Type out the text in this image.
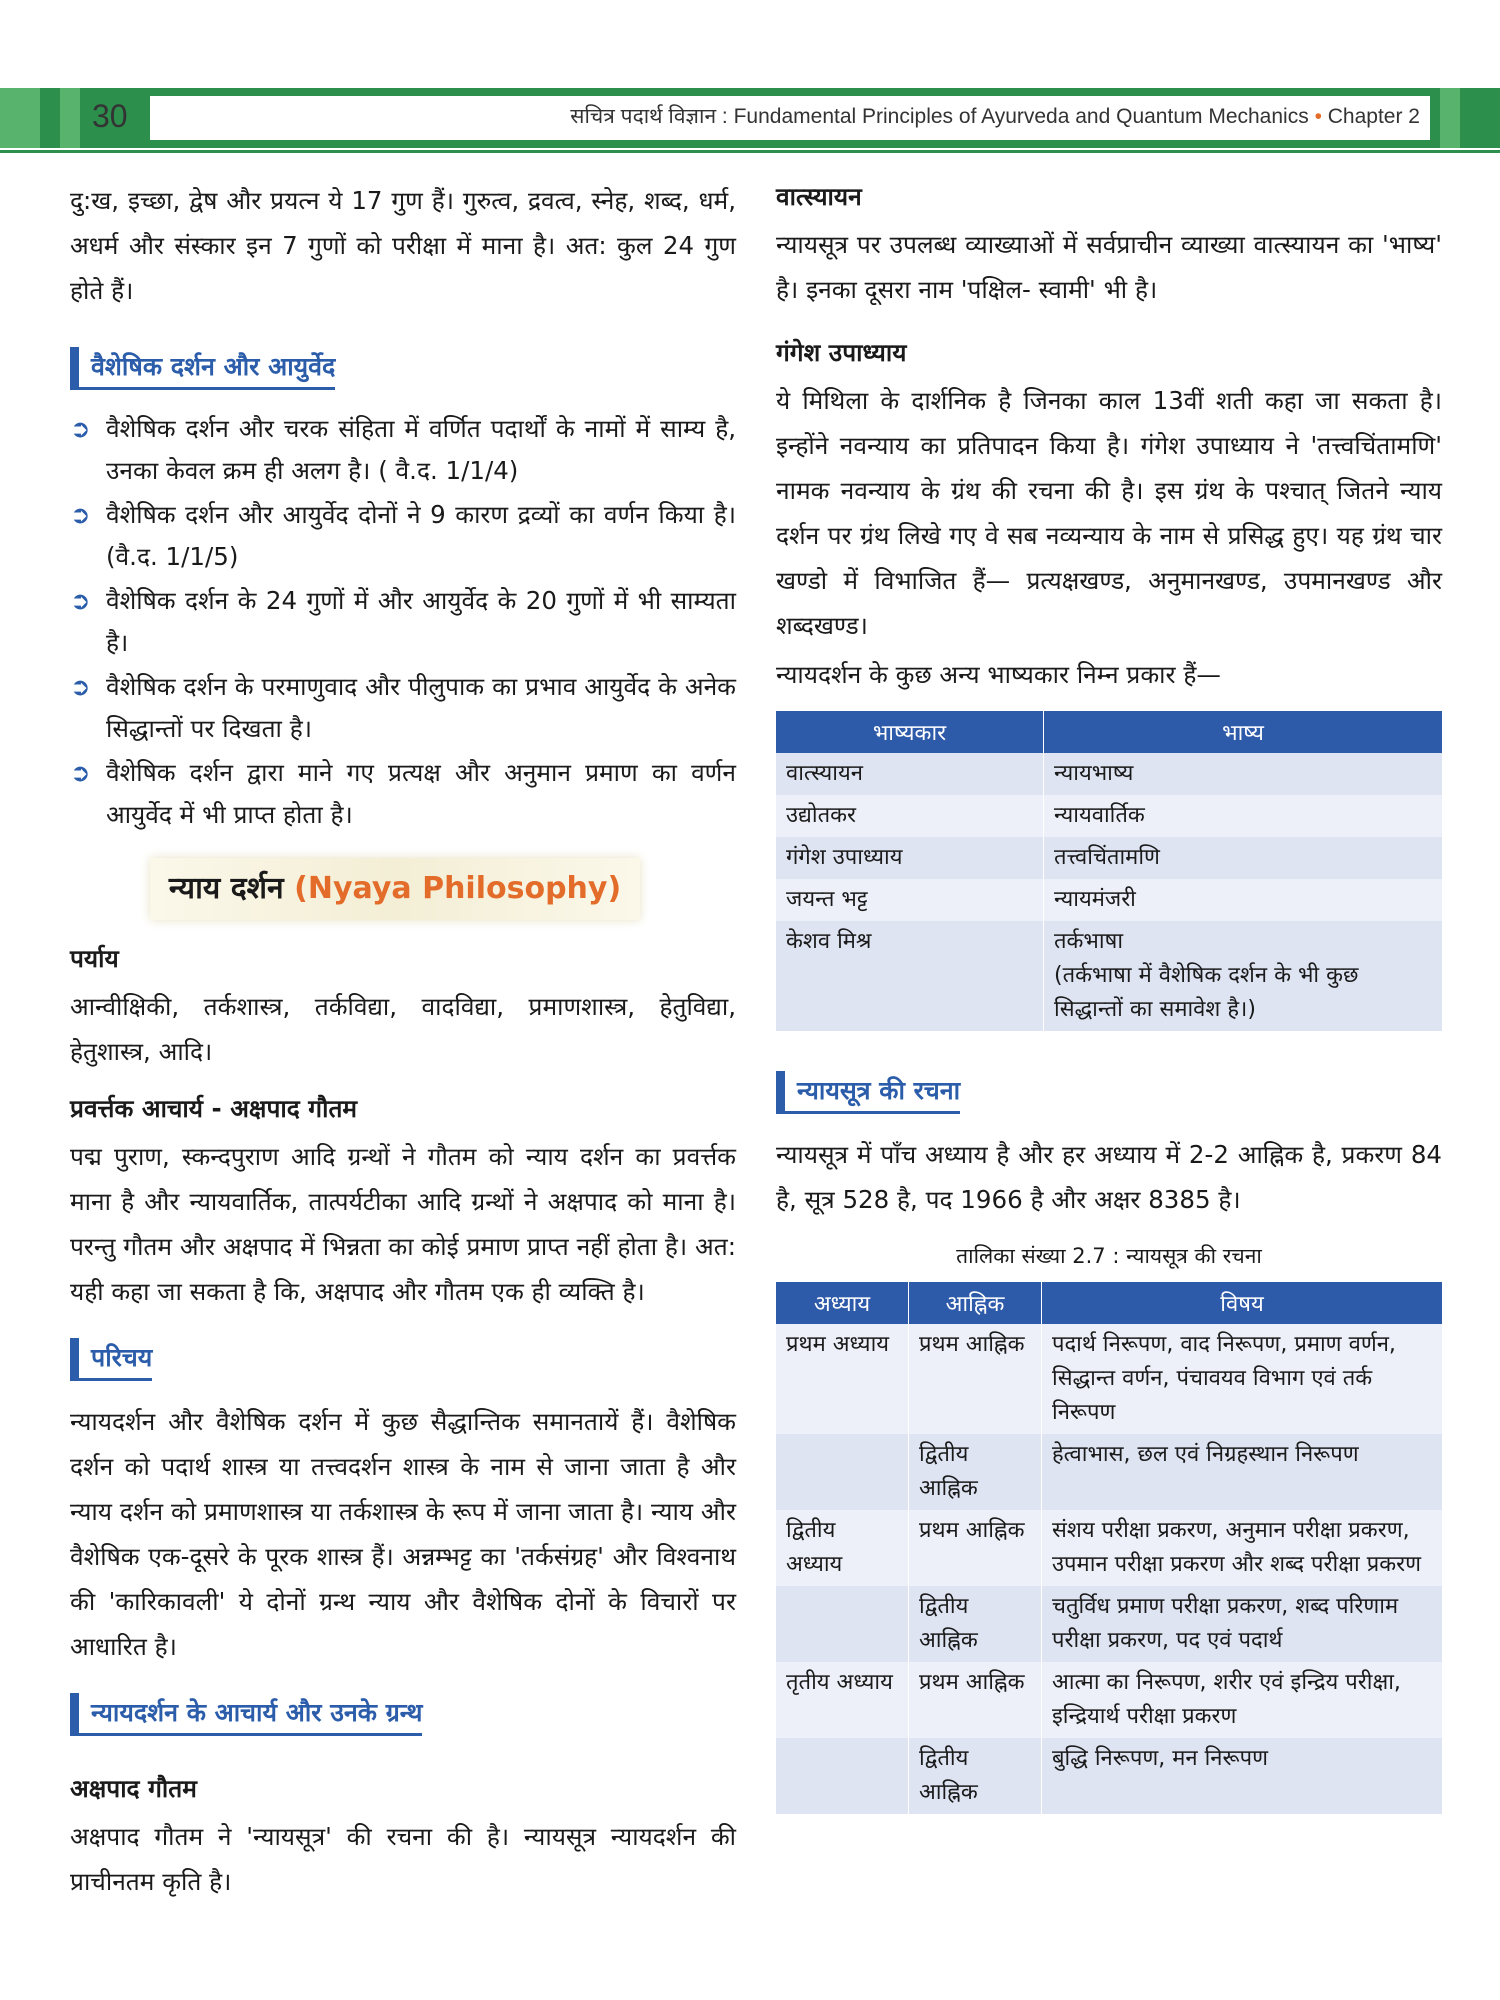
30	सचित्र पदार्थ विज्ञान : Fundamental Principles of Ayurveda and Quantum Mechanics • Chapter 2

दु:ख, इच्छा, द्वेष और प्रयत्न ये 17 गुण हैं। गुरुत्व, द्रवत्व, स्नेह, शब्द, धर्म, अधर्म और संस्कार इन 7 गुणों को परीक्षा में माना है। अत: कुल 24 गुण होते हैं।

वैशेषिक दर्शन और आयुर्वेद
➲ वैशेषिक दर्शन और चरक संहिता में वर्णित पदार्थों के नामों में साम्य है, उनका केवल क्रम ही अलग है। ( वै.द. 1/1/4)
➲ वैशेषिक दर्शन और आयुर्वेद दोनों ने 9 कारण द्रव्यों का वर्णन किया है। (वै.द. 1/1/5)
➲ वैशेषिक दर्शन के 24 गुणों में और आयुर्वेद के 20 गुणों में भी साम्यता है।
➲ वैशेषिक दर्शन के परमाणुवाद और पीलुपाक का प्रभाव आयुर्वेद के अनेक सिद्धान्तों पर दिखता है।
➲ वैशेषिक दर्शन द्वारा माने गए प्रत्यक्ष और अनुमान प्रमाण का वर्णन आयुर्वेद में भी प्राप्त होता है।
न्याय दर्शन (Nyaya Philosophy)
पर्याय

आन्वीक्षिकी, तर्कशास्त्र, तर्कविद्या, वादविद्या, प्रमाणशास्त्र, हेतुविद्या, हेतुशास्त्र, आदि।

प्रवर्त्तक आचार्य - अक्षपाद गौतम

पद्म पुराण, स्कन्दपुराण आदि ग्रन्थों ने गौतम को न्याय दर्शन का प्रवर्त्तक माना है और न्यायवार्तिक, तात्पर्यटीका आदि ग्रन्थों ने अक्षपाद को माना है। परन्तु गौतम और अक्षपाद में भिन्नता का कोई प्रमाण प्राप्त नहीं होता है। अत: यही कहा जा सकता है कि, अक्षपाद और गौतम एक ही व्यक्ति है।

परिचय

न्यायदर्शन और वैशेषिक दर्शन में कुछ सैद्धान्तिक समानतायें हैं। वैशेषिक दर्शन को पदार्थ शास्त्र या तत्त्वदर्शन शास्त्र के नाम से जाना जाता है और न्याय दर्शन को प्रमाणशास्त्र या तर्कशास्त्र के रूप में जाना जाता है। न्याय और वैशेषिक एक-दूसरे के पूरक शास्त्र हैं। अन्नम्भट्ट का 'तर्कसंग्रह' और विश्वनाथ की 'कारिकावली' ये दोनों ग्रन्थ न्याय और वैशेषिक दोनों के विचारों पर आधारित है।

न्यायदर्शन के आचार्य और उनके ग्रन्थ
अक्षपाद गौतम

अक्षपाद गौतम ने 'न्यायसूत्र' की रचना की है। न्यायसूत्र न्यायदर्शन की प्राचीनतम कृति है।

वात्स्यायन

न्यायसूत्र पर उपलब्ध व्याख्याओं में सर्वप्राचीन व्याख्या वात्स्यायन का 'भाष्य' है। इनका दूसरा नाम 'पक्षिल- स्वामी' भी है।

गंगेश उपाध्याय

ये मिथिला के दार्शनिक है जिनका काल 13वीं शती कहा जा सकता है। इन्होंने नवन्याय का प्रतिपादन किया है। गंगेश उपाध्याय ने 'तत्त्वचिंतामणि' नामक नवन्याय के ग्रंथ की रचना की है। इस ग्रंथ के पश्चात् जितने न्याय दर्शन पर ग्रंथ लिखे गए वे सब नव्यन्याय के नाम से प्रसिद्ध हुए। यह ग्रंथ चार खण्डो में विभाजित हैं— प्रत्यक्षखण्ड, अनुमानखण्ड, उपमानखण्ड और शब्दखण्ड।

न्यायदर्शन के कुछ अन्य भाष्यकार निम्न प्रकार हैं—

भाष्यकार	भाष्य
वात्स्यायन	न्यायभाष्य
उद्योतकर	न्यायवार्तिक
गंगेश उपाध्याय	तत्त्वचिंतामणि
जयन्त भट्ट	न्यायमंजरी
केशव मिश्र	तर्कभाषा
(तर्कभाषा में वैशेषिक दर्शन के भी कुछ सिद्धान्तों का समावेश है।)
न्यायसूत्र की रचना

न्यायसूत्र में पाँच अध्याय है और हर अध्याय में 2-2 आह्निक है, प्रकरण 84 है, सूत्र 528 है, पद 1966 है और अक्षर 8385 है।

तालिका संख्या 2.7 : न्यायसूत्र की रचना
अध्याय	आह्निक	विषय
प्रथम अध्याय	प्रथम आह्निक	पदार्थ निरूपण, वाद निरूपण, प्रमाण वर्णन, सिद्धान्त वर्णन, पंचावयव विभाग एवं तर्क निरूपण
	द्वितीय आह्निक	हेत्वाभास, छल एवं निग्रहस्थान निरूपण
द्वितीय अध्याय	प्रथम आह्निक	संशय परीक्षा प्रकरण, अनुमान परीक्षा प्रकरण, उपमान परीक्षा प्रकरण और शब्द परीक्षा प्रकरण
	द्वितीय आह्निक	चतुर्विध प्रमाण परीक्षा प्रकरण, शब्द परिणाम परीक्षा प्रकरण, पद एवं पदार्थ
तृतीय अध्याय	प्रथम आह्निक	आत्मा का निरूपण, शरीर एवं इन्द्रिय परीक्षा, इन्द्रियार्थ परीक्षा प्रकरण
	द्वितीय आह्निक	बुद्धि निरूपण, मन निरूपण
